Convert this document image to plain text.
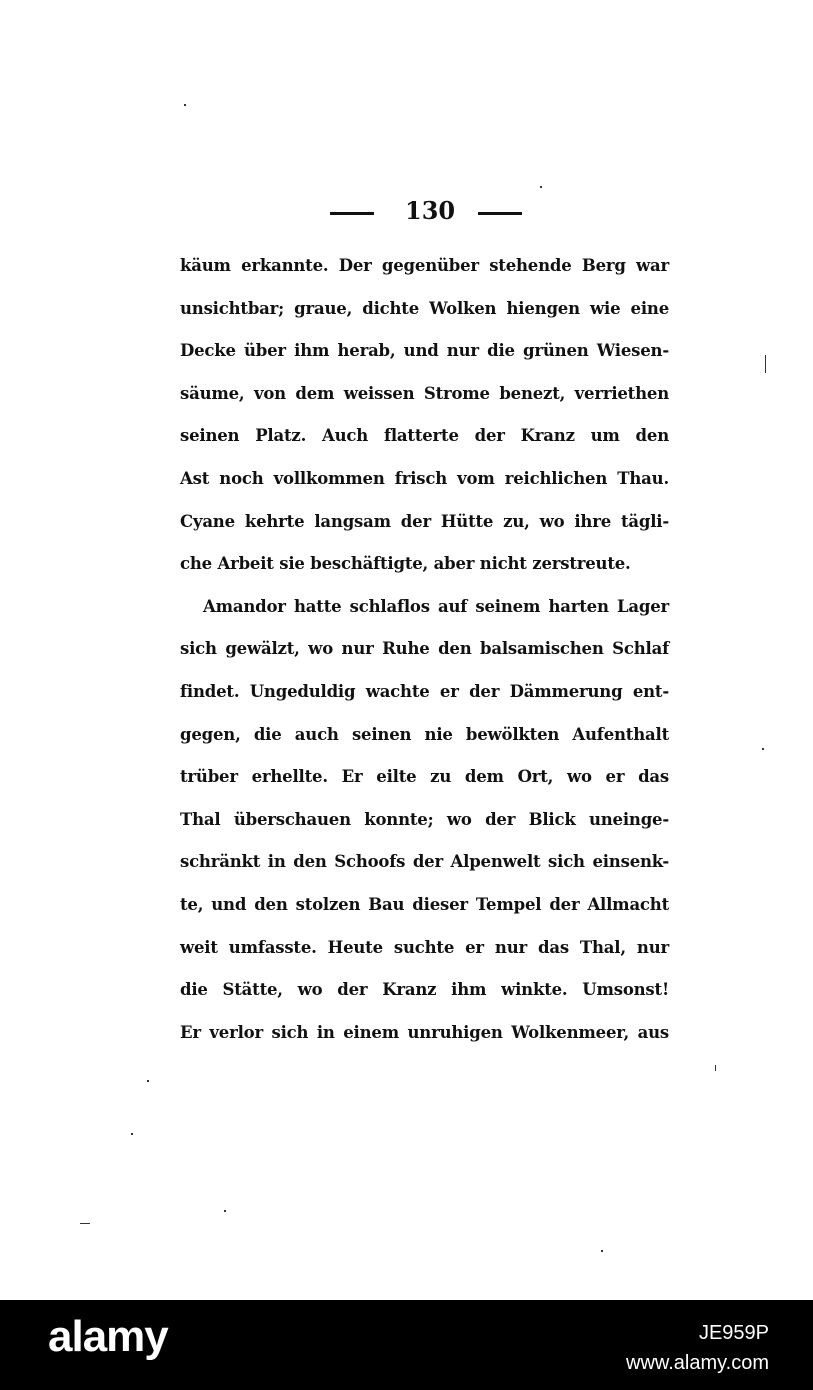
130
käum erkannte. Der gegenüber stehende Berg war
unsichtbar; graue, dichte Wolken hiengen wie eine
Decke über ihm herab, und nur die grünen Wiesen-
säume, von dem weissen Strome benezt, verriethen
seinen Platz. Auch flatterte der Kranz um den
Ast noch vollkommen frisch vom reichlichen Thau.
Cyane kehrte langsam der Hütte zu, wo ihre tägli-
che Arbeit sie beschäftigte, aber nicht zerstreute.
Amandor hatte schlaflos auf seinem harten Lager
sich gewälzt, wo nur Ruhe den balsamischen Schlaf
findet. Ungeduldig wachte er der Dämmerung ent-
gegen, die auch seinen nie bewölkten Aufenthalt
trüber erhellte. Er eilte zu dem Ort, wo er das
Thal überschauen konnte; wo der Blick uneinge-
schränkt in den Schoofs der Alpenwelt sich einsenk-
te, und den stolzen Bau dieser Tempel der Allmacht
weit umfasste. Heute suchte er nur das Thal, nur
die Stätte, wo der Kranz ihm winkte. Umsonst!
Er verlor sich in einem unruhigen Wolkenmeer, aus
alamy	JE959P
www.alamy.com
